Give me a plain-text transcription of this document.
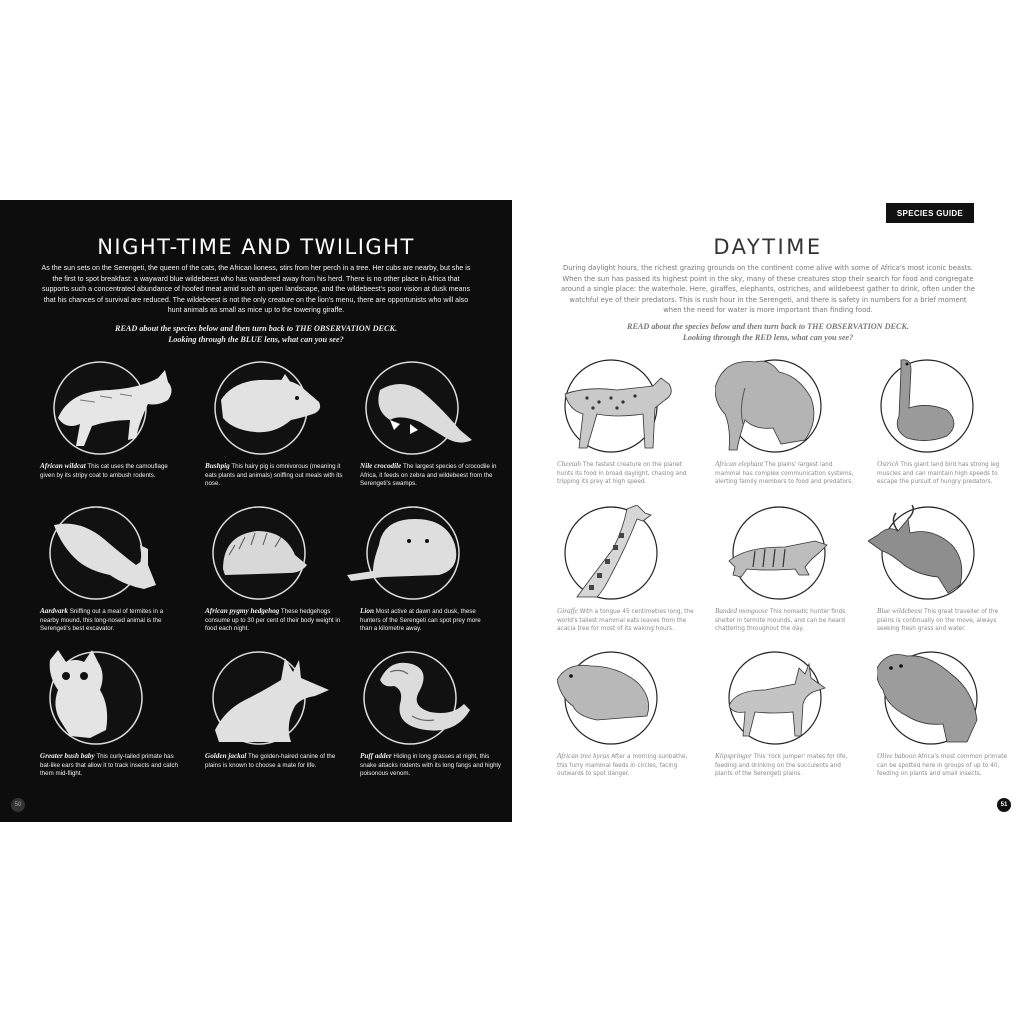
NIGHT-TIME AND TWILIGHT
As the sun sets on the Serengeti, the queen of the cats, the African lioness, stirs from her perch in a tree. Her cubs are nearby, but she is the first to spot breakfast: a wayward blue wildebeest who has wandered away from his herd. There is no other place in Africa that supports such a concentrated abundance of hoofed meat amid such an open landscape, and the wildebeest's poor vision at dusk means that his chances of survival are reduced. The wildebeest is not the only creature on the lion's menu, there are opportunists who will also hunt animals as small as mice up to the towering giraffe.
READ about the species below and then turn back to THE OBSERVATION DECK.
Looking through the BLUE lens, what can you see?
African wildcat This cat uses the camouflage given by its stripy coat to ambush rodents.
Bushpig This hairy pig is omnivorous (meaning it eats plants and animals) sniffing out meals with its nose.
Nile crocodile The largest species of crocodile in Africa, it feeds on zebra and wildebeest from the Serengeti's swamps.
Aardvark Sniffing out a meal of termites in a nearby mound, this long-nosed animal is the Serengeti's best excavator.
African pygmy hedgehog These hedgehogs consume up to 30 per cent of their body weight in food each night.
Lion Most active at dawn and dusk, these hunters of the Serengeti can spot prey more than a kilometre away.
Greater bush baby This curly-tailed primate has bat-like ears that allow it to track insects and catch them mid-flight.
Golden jackal The golden-haired canine of the plains is known to choose a mate for life.
Puff adder Hiding in long grasses at night, this snake attacks rodents with its long fangs and highly poisonous venom.
50
SPECIES GUIDE
DAYTIME
During daylight hours, the richest grazing grounds on the continent come alive with some of Africa's most iconic beasts. When the sun has passed its highest point in the sky, many of these creatures stop their search for food and congregate around a single place: the waterhole. Here, giraffes, elephants, ostriches, and wildebeest gather to drink, often under the watchful eye of their predators. This is rush hour in the Serengeti, and there is safety in numbers for a brief moment when the need for water is more important than finding food.
READ about the species below and then turn back to THE OBSERVATION DECK.
Looking through the RED lens, what can you see?
Cheetah The fastest creature on the planet hunts its food in broad daylight, chasing and tripping its prey at high speed.
African elephant The plains' largest land mammal has complex communication systems, alerting family members to food and predators.
Ostrich This giant land bird has strong leg muscles and can maintain high speeds to escape the pursuit of hungry predators.
Giraffe With a tongue 45 centimetres long, the world's tallest mammal eats leaves from the acacia tree for most of its waking hours.
Banded mongoose This nomadic hunter finds shelter in termite mounds, and can be heard chattering throughout the day.
Blue wildebeest This great traveller of the plains is continually on the move, always seeking fresh grass and water.
African tree hyrax After a morning sunbathe, this furry mammal feeds in circles, facing outwards to spot danger.
Klipspringer This 'rock jumper' mates for life, feeding and drinking on the succulents and plants of the Serengeti plains.
Olive baboon Africa's most common primate can be spotted here in groups of up to 40, feeding on plants and small insects.
51
